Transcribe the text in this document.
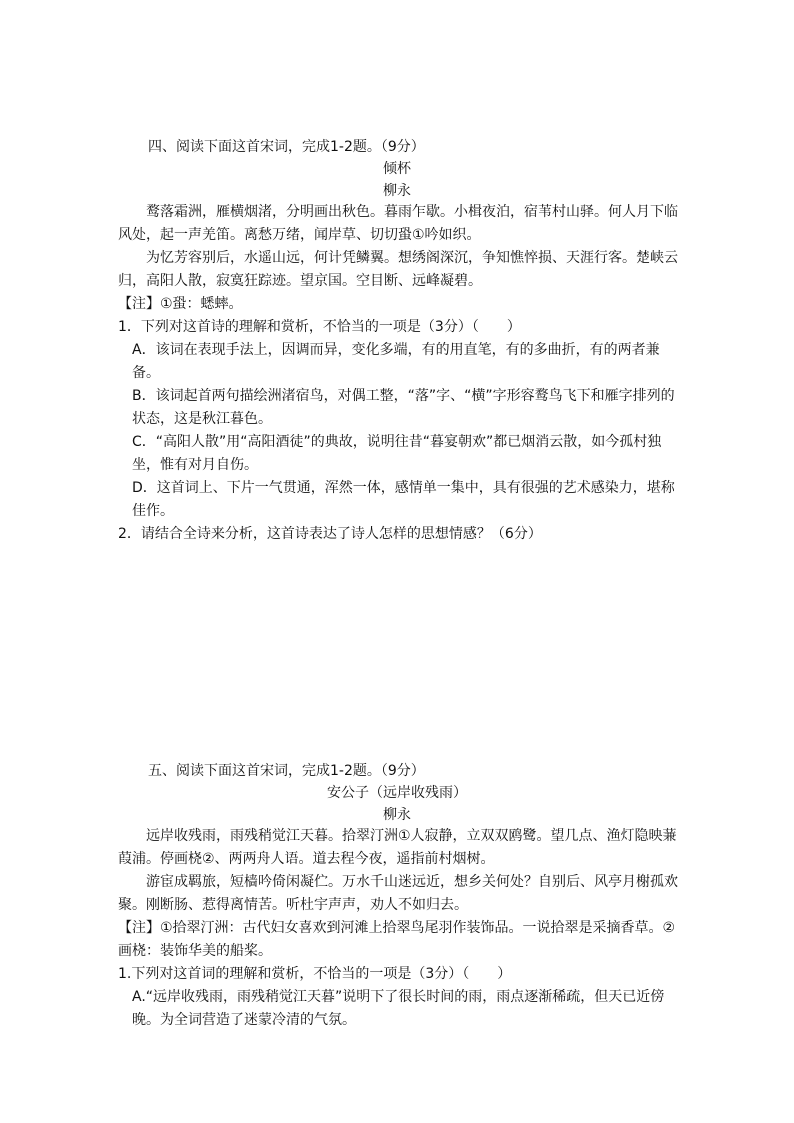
四、阅读下面这首宋词，完成1-2题。（9分）
倾杯
柳永

鹜落霜洲，雁横烟渚，分明画出秋色。暮雨乍歇。小楫夜泊，宿苇村山驿。何人月下临风处，起一声羌笛。离愁万绪，闻岸草、切切蛩①吟如织。

为忆芳容别后，水遥山远，何计凭鳞翼。想绣阁深沉，争知憔悴损、天涯行客。楚峡云归，高阳人散，寂寞狂踪迹。望京国。空目断、远峰凝碧。

【注】①蛩：蟋蟀。

1．下列对这首诗的理解和赏析，不恰当的一项是（3分）（　　）

A．该词在表现手法上，因调而异，变化多端，有的用直笔，有的多曲折，有的两者兼备。

B．该词起首两句描绘洲渚宿鸟，对偶工整，“落”字、“横”字形容鹜鸟飞下和雁字排列的状态，这是秋江暮色。

C．“高阳人散”用“高阳酒徒”的典故，说明往昔“暮宴朝欢”都已烟消云散，如今孤村独坐，惟有对月自伤。

D．这首词上、下片一气贯通，浑然一体，感情单一集中，具有很强的艺术感染力，堪称佳作。

2．请结合全诗来分析，这首诗表达了诗人怎样的思想情感？（6分）

五、阅读下面这首宋词，完成1-2题。（9分）
安公子（远岸收残雨）
柳永

远岸收残雨，雨残稍觉江天暮。拾翠汀洲①人寂静，立双双鸥鹭。望几点、渔灯隐映蒹葭浦。停画桡②、两两舟人语。道去程今夜，遥指前村烟树。

游宦成羁旅，短樯吟倚闲凝伫。万水千山迷远近，想乡关何处？自别后、风亭月榭孤欢聚。刚断肠、惹得离情苦。听杜宇声声，劝人不如归去。

【注】①拾翠汀洲：古代妇女喜欢到河滩上拾翠鸟尾羽作装饰品。一说拾翠是采摘香草。②画桡：装饰华美的船桨。

1.下列对这首词的理解和赏析，不恰当的一项是（3分）（　　）

A.“远岸收残雨，雨残稍觉江天暮”说明下了很长时间的雨，雨点逐渐稀疏，但天已近傍晚。为全词营造了迷蒙冷清的气氛。
